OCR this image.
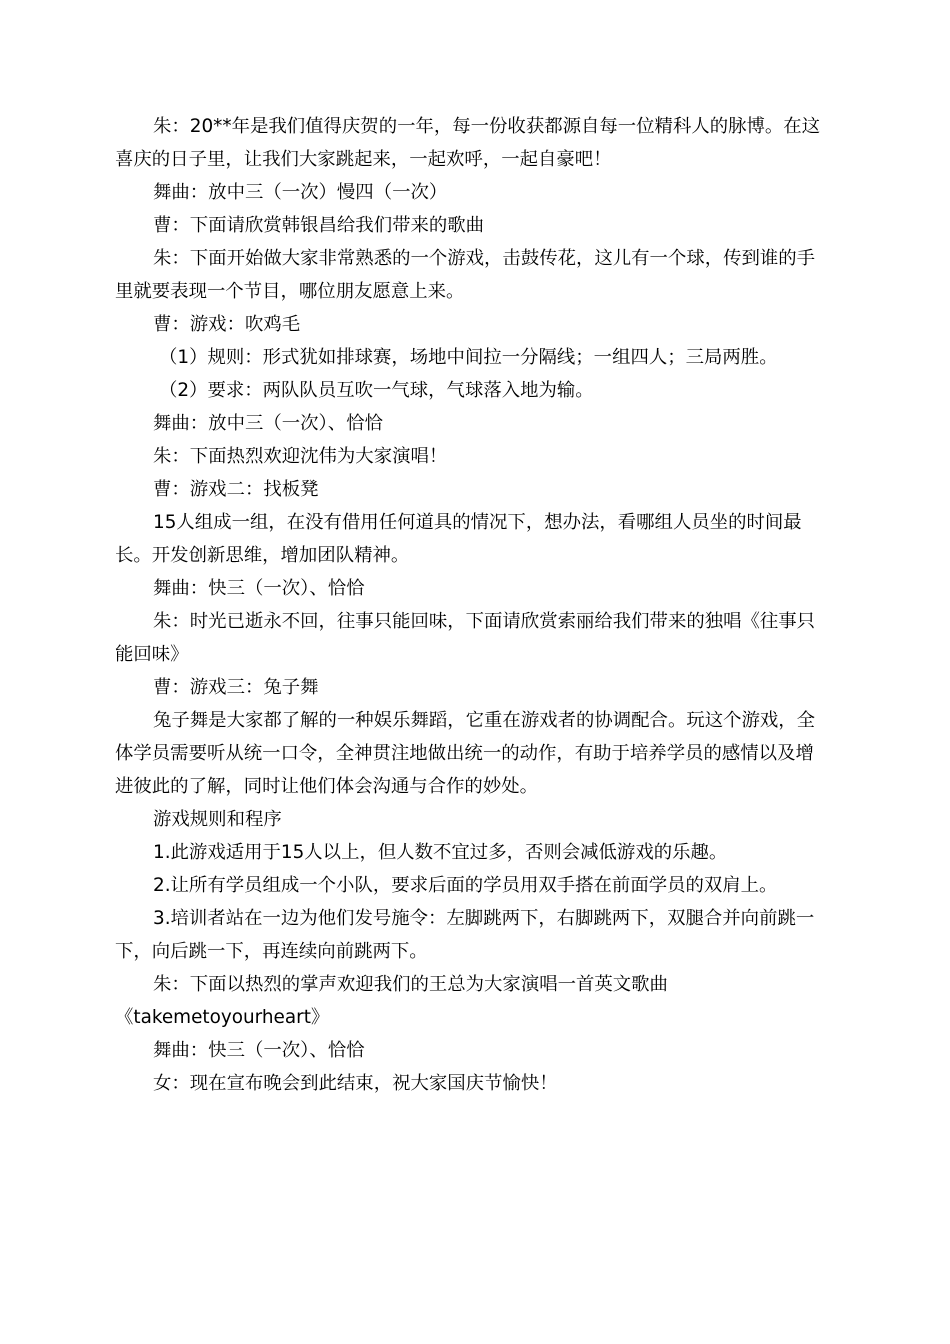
朱：20**年是我们值得庆贺的一年，每一份收获都源自每一位精科人的脉博。在这喜庆的日子里，让我们大家跳起来，一起欢呼，一起自豪吧！

舞曲：放中三（一次）慢四（一次）

曹：下面请欣赏韩银昌给我们带来的歌曲

朱：下面开始做大家非常熟悉的一个游戏，击鼓传花，这儿有一个球，传到谁的手里就要表现一个节目，哪位朋友愿意上来。

曹：游戏：吹鸡毛

（1）规则：形式犹如排球赛，场地中间拉一分隔线；一组四人；三局两胜。

（2）要求：两队队员互吹一气球，气球落入地为输。

舞曲：放中三（一次）、恰恰

朱：下面热烈欢迎沈伟为大家演唱！

曹：游戏二：找板凳

15人组成一组，在没有借用任何道具的情况下，想办法，看哪组人员坐的时间最长。开发创新思维，增加团队精神。

舞曲：快三（一次）、恰恰

朱：时光已逝永不回，往事只能回味，下面请欣赏索丽给我们带来的独唱《往事只能回味》

曹：游戏三：兔子舞

兔子舞是大家都了解的一种娱乐舞蹈，它重在游戏者的协调配合。玩这个游戏，全体学员需要听从统一口令，全神贯注地做出统一的动作，有助于培养学员的感情以及增进彼此的了解，同时让他们体会沟通与合作的妙处。

游戏规则和程序

1.此游戏适用于15人以上，但人数不宜过多，否则会减低游戏的乐趣。

2.让所有学员组成一个小队，要求后面的学员用双手搭在前面学员的双肩上。

3.培训者站在一边为他们发号施令：左脚跳两下，右脚跳两下，双腿合并向前跳一下，向后跳一下，再连续向前跳两下。

朱：下面以热烈的掌声欢迎我们的王总为大家演唱一首英文歌曲

《takemetoyourheart》

舞曲：快三（一次）、恰恰

女：现在宣布晚会到此结束，祝大家国庆节愉快！
